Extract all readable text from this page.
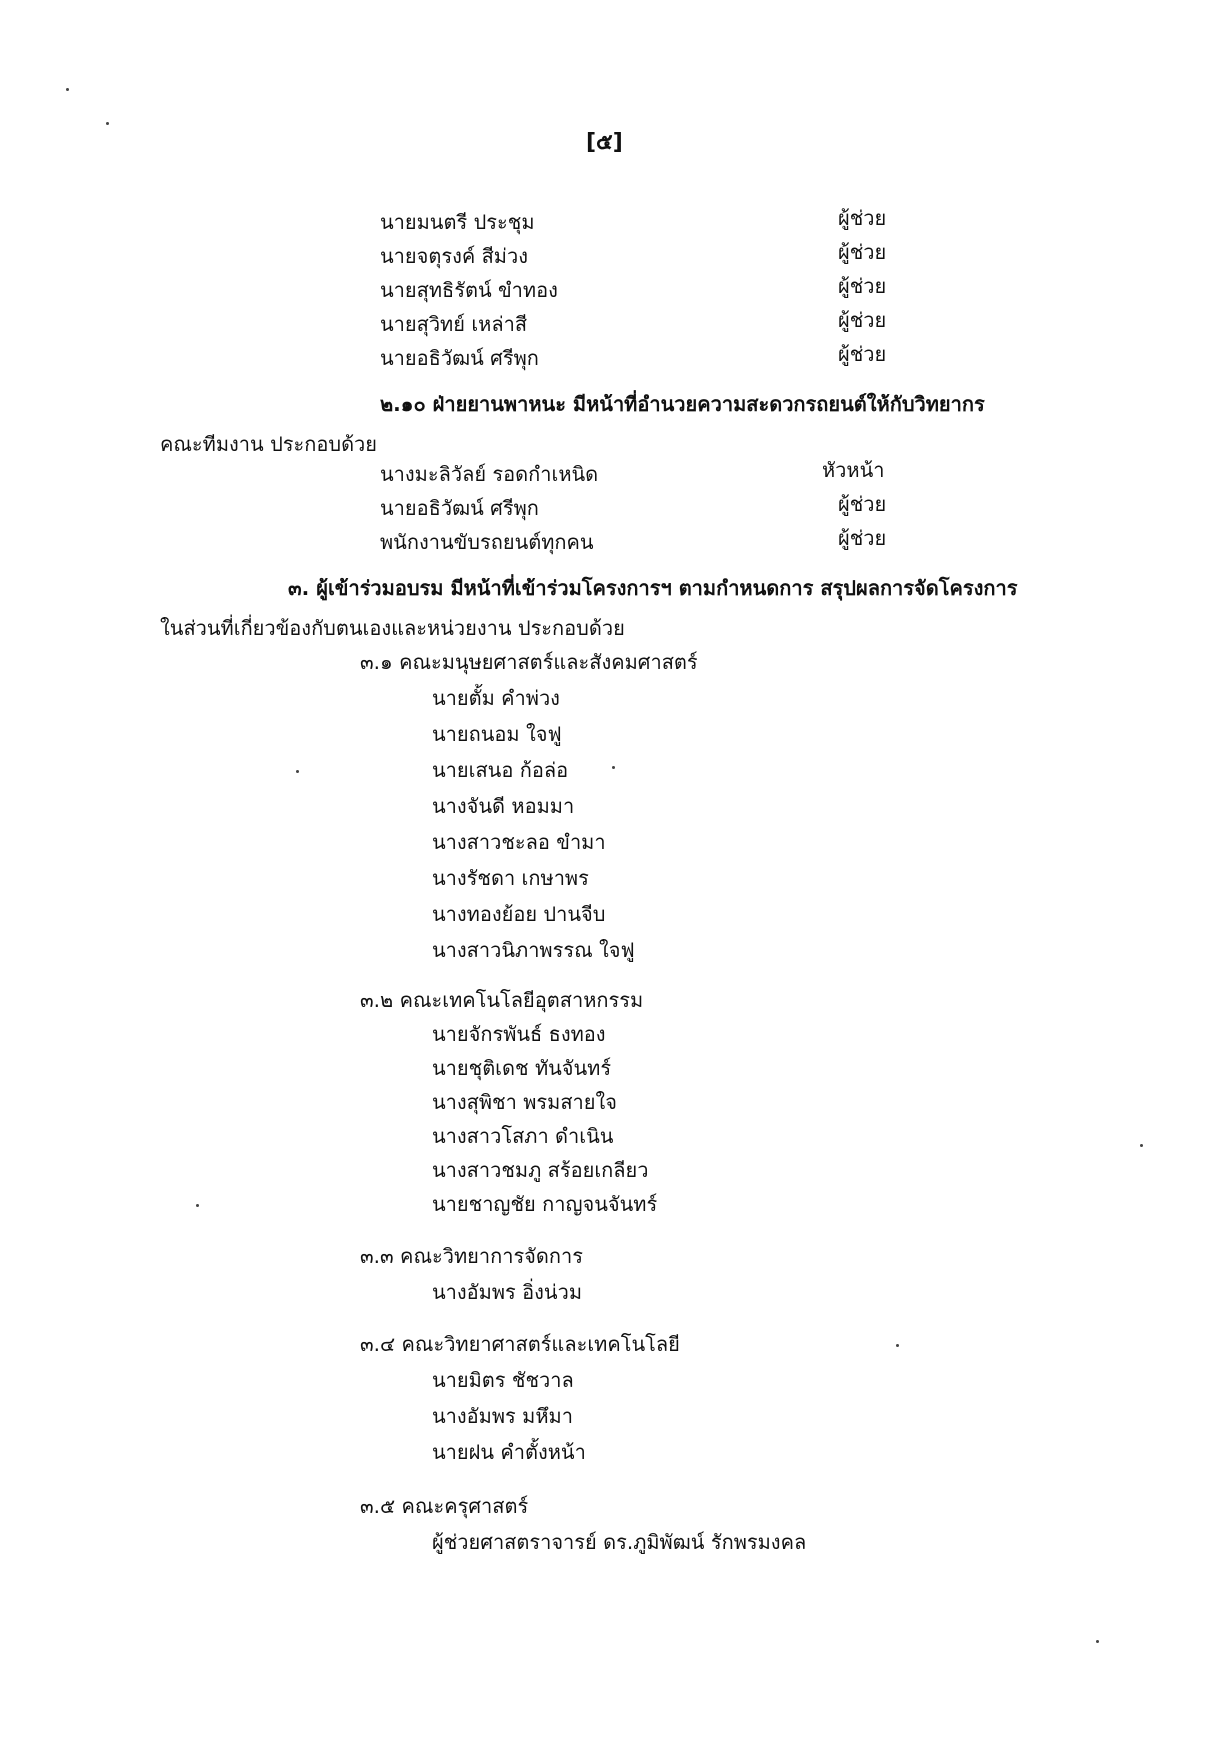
[๕]
นายมนตรี ประชุม	ผู้ช่วย
นายจตุรงค์ สีม่วง	ผู้ช่วย
นายสุทธิรัตน์ ขำทอง	ผู้ช่วย
นายสุวิทย์ เหล่าสี	ผู้ช่วย
นายอธิวัฒน์ ศรีพุก	ผู้ช่วย
๒.๑๐ ฝ่ายยานพาหนะ มีหน้าที่อำนวยความสะดวกรถยนต์ให้กับวิทยากร
คณะทีมงาน ประกอบด้วย
นางมะลิวัลย์ รอดกำเหนิด	หัวหน้า
นายอธิวัฒน์ ศรีพุก	ผู้ช่วย
พนักงานขับรถยนต์ทุกคน	ผู้ช่วย
๓. ผู้เข้าร่วมอบรม มีหน้าที่เข้าร่วมโครงการฯ ตามกำหนดการ สรุปผลการจัดโครงการ
ในส่วนที่เกี่ยวข้องกับตนเองและหน่วยงาน ประกอบด้วย
๓.๑ คณะมนุษยศาสตร์และสังคมศาสตร์
นายตั้ม คำพ่วง
นายถนอม ใจฟู
นายเสนอ ก้อล่อ
นางจันดี หอมมา
นางสาวชะลอ ขำมา
นางรัชดา เกษาพร
นางทองย้อย ปานจีบ
นางสาวนิภาพรรณ ใจฟู
๓.๒ คณะเทคโนโลยีอุตสาหกรรม
นายจักรพันธ์ ธงทอง
นายชุติเดช ทันจันทร์
นางสุพิชา พรมสายใจ
นางสาวโสภา ดำเนิน
นางสาวชมภู สร้อยเกลียว
นายชาญชัย กาญจนจันทร์
๓.๓ คณะวิทยาการจัดการ
นางอัมพร อิ่งน่วม
๓.๔ คณะวิทยาศาสตร์และเทคโนโลยี
นายมิตร ชัชวาล
นางอัมพร มหึมา
นายฝน คำตั้งหน้า
๓.๕ คณะครุศาสตร์
ผู้ช่วยศาสตราจารย์ ดร.ภูมิพัฒน์ รักพรมงคล
